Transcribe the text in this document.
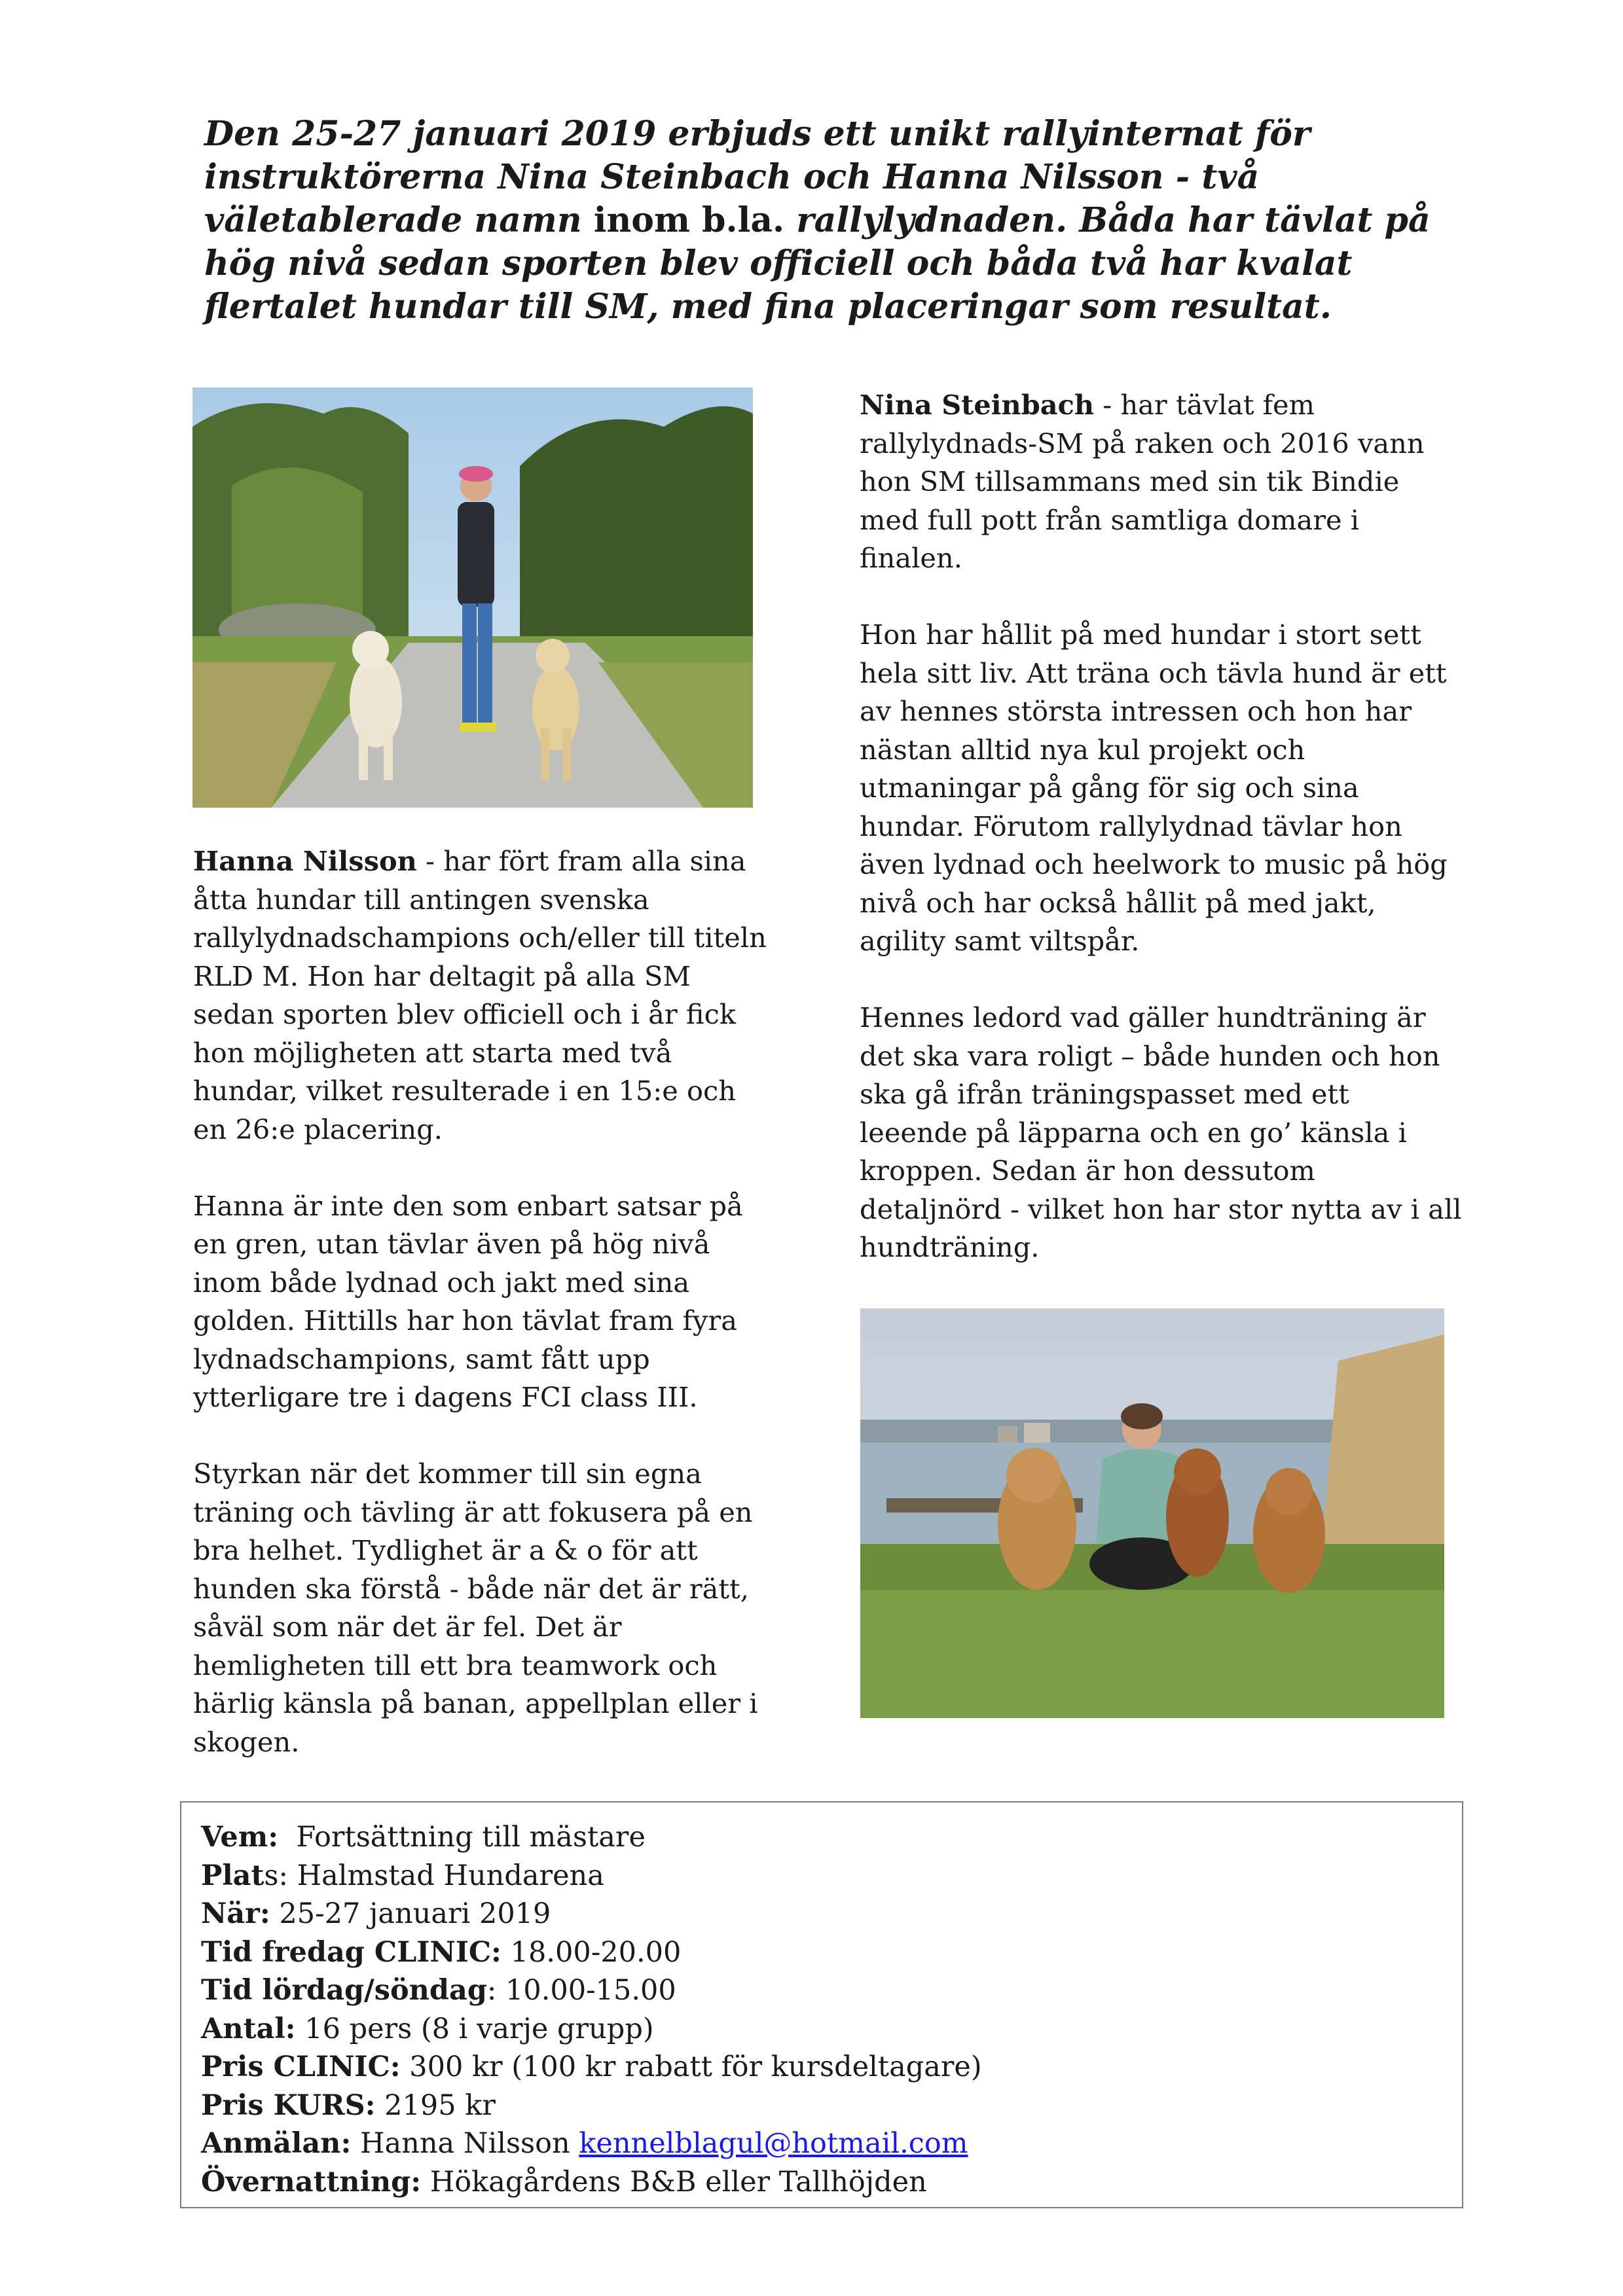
Den 25-27 januari 2019 erbjuds ett unikt rallyinternat för instruktörerna Nina Steinbach och Hanna Nilsson - två väletablerade namn inom b.la. rallylydnaden. Båda har tävlat på hög nivå sedan sporten blev officiell och båda två har kvalat flertalet hundar till SM, med fina placeringar som resultat.

Hanna Nilsson - har fört fram alla sina åtta hundar till antingen svenska rallylydnadschampions och/eller till titeln RLD M. Hon har deltagit på alla SM sedan sporten blev officiell och i år fick hon möjligheten att starta med två hundar, vilket resulterade i en 15:e och en 26:e placering.

Hanna är inte den som enbart satsar på en gren, utan tävlar även på hög nivå inom både lydnad och jakt med sina golden. Hittills har hon tävlat fram fyra lydnadschampions, samt fått upp ytterligare tre i dagens FCI class III.

Styrkan när det kommer till sin egna träning och tävling är att fokusera på en bra helhet. Tydlighet är a & o för att hunden ska förstå - både när det är rätt, såväl som när det är fel. Det är hemligheten till ett bra teamwork och härlig känsla på banan, appellplan eller i skogen.

Nina Steinbach - har tävlat fem rallylydnads-SM på raken och 2016 vann hon SM tillsammans med sin tik Bindie med full pott från samtliga domare i finalen.

Hon har hållit på med hundar i stort sett hela sitt liv. Att träna och tävla hund är ett av hennes största intressen och hon har nästan alltid nya kul projekt och utmaningar på gång för sig och sina hundar. Förutom rallylydnad tävlar hon även lydnad och heelwork to music på hög nivå och har också hållit på med jakt, agility samt viltspår.

Hennes ledord vad gäller hundträning är det ska vara roligt – både hunden och hon ska gå ifrån träningspasset med ett leeende på läpparna och en go’ känsla i kroppen. Sedan är hon dessutom detaljnörd - vilket hon har stor nytta av i all hundträning.

Vem:  Fortsättning till mästare
Plats: Halmstad Hundarena
När: 25-27 januari 2019
Tid fredag CLINIC: 18.00-20.00
Tid lördag/söndag: 10.00-15.00
Antal: 16 pers (8 i varje grupp)
Pris CLINIC: 300 kr (100 kr rabatt för kursdeltagare)
Pris KURS: 2195 kr
Anmälan: Hanna Nilsson kennelblagul@hotmail.com
Övernattning: Hökagårdens B&B eller Tallhöjden
